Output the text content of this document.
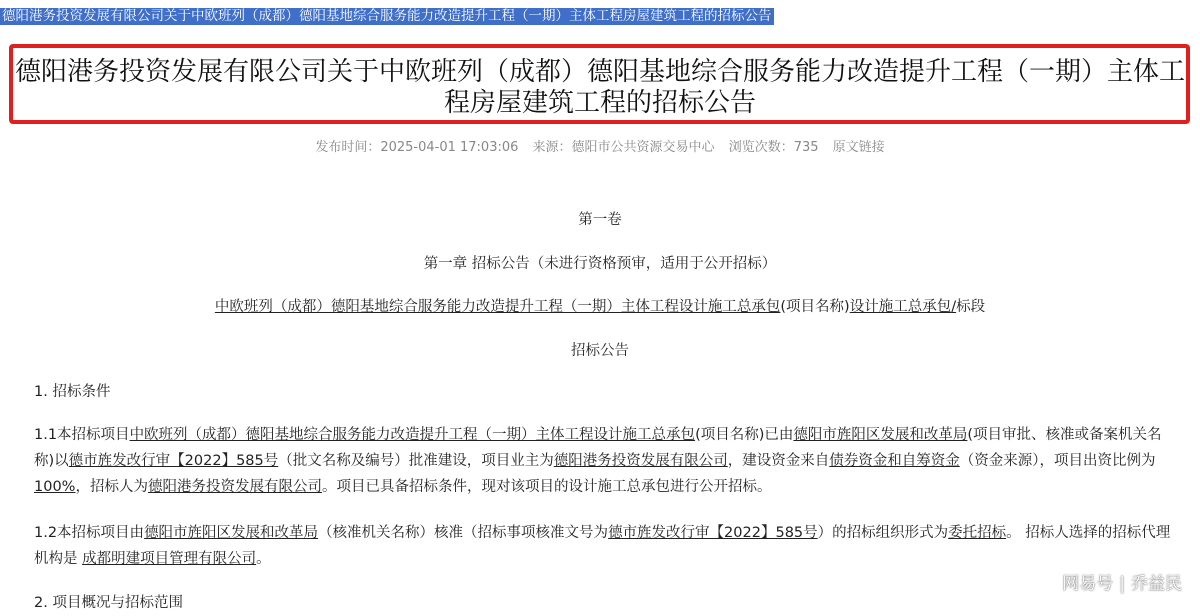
德阳港务投资发展有限公司关于中欧班列（成都）德阳基地综合服务能力改造提升工程（一期）主体工程房屋建筑工程的招标公告
德阳港务投资发展有限公司关于中欧班列（成都）德阳基地综合服务能力改造提升工程（一期）主体工程房屋建筑工程的招标公告
发布时间：2025-04-01 17:03:06 来源：德阳市公共资源交易中心 浏览次数：735 原文链接
第一卷
第一章 招标公告（未进行资格预审，适用于公开招标）
中欧班列（成都）德阳基地综合服务能力改造提升工程（一期）主体工程设计施工总承包(项目名称)设计施工总承包/标段
招标公告
1. 招标条件

1.1本招标项目中欧班列（成都）德阳基地综合服务能力改造提升工程（一期）主体工程设计施工总承包(项目名称)已由德阳市旌阳区发展和改革局(项目审批、核准或备案机关名称)以德市旌发改行审【2022】585号（批文名称及编号）批准建设，项目业主为德阳港务投资发展有限公司，建设资金来自债券资金和自筹资金（资金来源），项目出资比例为100%，招标人为德阳港务投资发展有限公司。项目已具备招标条件，现对该项目的设计施工总承包进行公开招标。

1.2本招标项目由德阳市旌阳区发展和改革局（核准机关名称）核准（招标事项核准文号为德市旌发改行审【2022】585号）的招标组织形式为委托招标。 招标人选择的招标代理机构是 成都明建项目管理有限公司。

2. 项目概况与招标范围
网易号 | 乔益民
